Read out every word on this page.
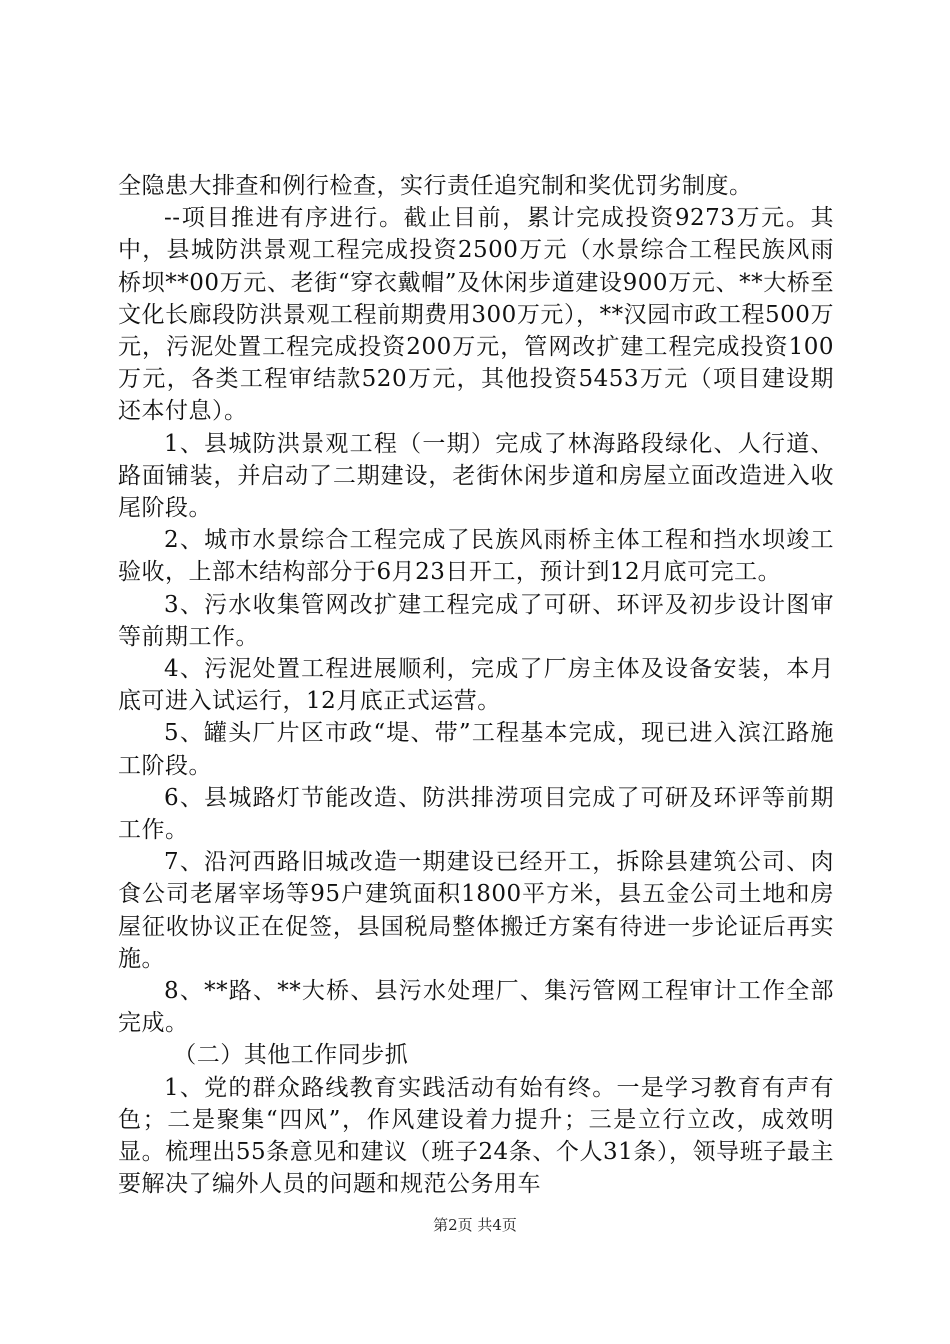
全隐患大排查和例行检查，实行责任追究制和奖优罚劣制度。

--项目推进有序进行。截止目前，累计完成投资9273万元。其中，县城防洪景观工程完成投资2500万元（水景综合工程民族风雨桥坝**00万元、老街“穿衣戴帽”及休闲步道建设900万元、**大桥至文化长廊段防洪景观工程前期费用300万元），**汉园市政工程500万元，污泥处置工程完成投资200万元，管网改扩建工程完成投资100万元，各类工程审结款520万元，其他投资5453万元（项目建设期还本付息）。

1、县城防洪景观工程（一期）完成了林海路段绿化、人行道、路面铺装，并启动了二期建设，老街休闲步道和房屋立面改造进入收尾阶段。

2、城市水景综合工程完成了民族风雨桥主体工程和挡水坝竣工验收，上部木结构部分于6月23日开工，预计到12月底可完工。

3、污水收集管网改扩建工程完成了可研、环评及初步设计图审等前期工作。

4、污泥处置工程进展顺利，完成了厂房主体及设备安装，本月底可进入试运行，12月底正式运营。

5、罐头厂片区市政“堤、带”工程基本完成，现已进入滨江路施工阶段。

6、县城路灯节能改造、防洪排涝项目完成了可研及环评等前期工作。

7、沿河西路旧城改造一期建设已经开工，拆除县建筑公司、肉食公司老屠宰场等95户建筑面积1800平方米，县五金公司土地和房屋征收协议正在促签，县国税局整体搬迁方案有待进一步论证后再实施。

8、**路、**大桥、县污水处理厂、集污管网工程审计工作全部完成。

（二）其他工作同步抓

1、党的群众路线教育实践活动有始有终。一是学习教育有声有色；二是聚集“四风”，作风建设着力提升；三是立行立改，成效明显。梳理出55条意见和建议（班子24条、个人31条），领导班子最主要解决了编外人员的问题和规范公务用车

第2页 共4页
